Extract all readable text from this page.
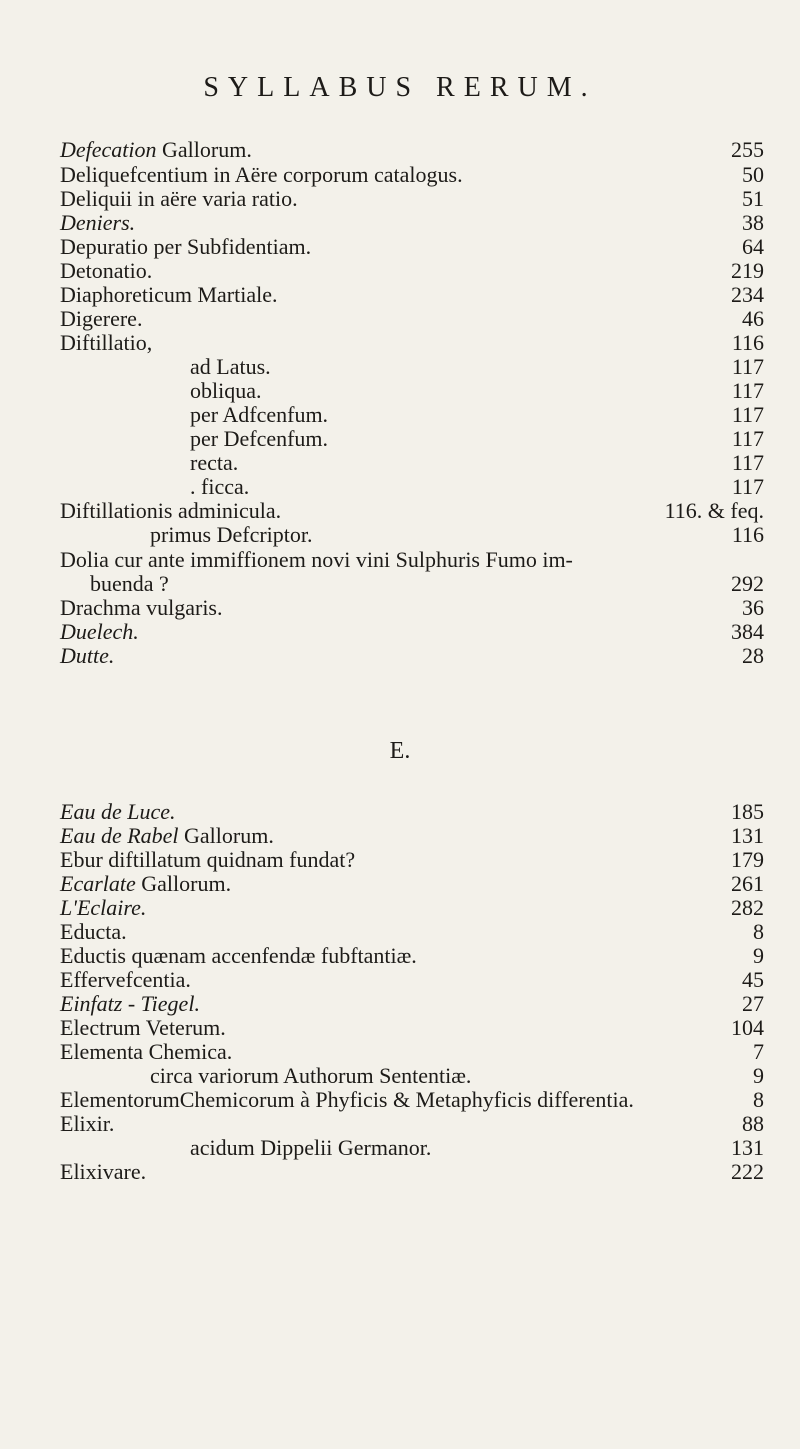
SYLLABUS RERUM.
Defecation Gallorum.	255
Deliquefcentium in Aëre corporum catalogus.	50
Deliquii in aëre varia ratio.	51
Deniers.	38
Depuratio per Subfidentiam.	64
Detonatio.	219
Diaphoreticum Martiale.	234
Digerere.	46
Diftillatio,	116
ad Latus.	117
obliqua.	117
per Adfcenfum.	117
per Defcenfum.	117
recta.	117
. ficca.	117
Diftillationis adminicula.	116. & feq.
primus Defcriptor.	116
Dolia cur ante immiffionem novi vini Sulphuris Fumo im-
buenda ?	292
Drachma vulgaris.	36
Duelech.	384
Dutte.	28
E.
Eau de Luce.	185
Eau de Rabel Gallorum.	131
Ebur diftillatum quidnam fundat?	179
Ecarlate Gallorum.	261
L'Eclaire.	282
Educta.	8
Eductis quænam accenfendæ fubftantiæ.	9
Effervefcentia.	45
Einfatz - Tiegel.	27
Electrum Veterum.	104
Elementa Chemica.	7
circa variorum Authorum Sententiæ.	9
ElementorumChemicorum à Phyficis & Metaphyficis differentia.	8
Elixir.	88
acidum Dippelii Germanor.	131
Elixivare.	222
